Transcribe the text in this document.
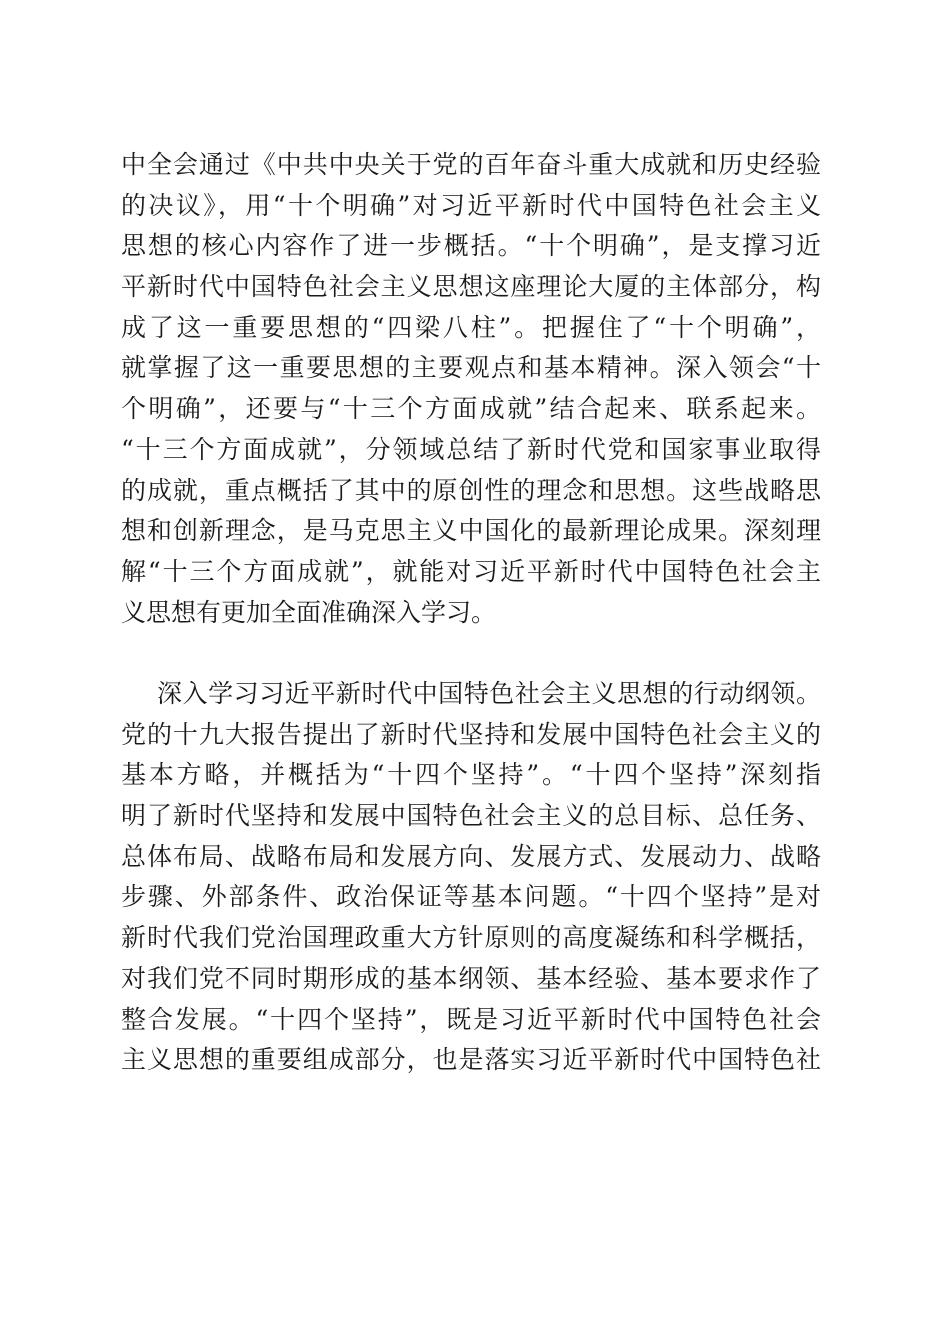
中全会通过《中共中央关于党的百年奋斗重大成就和历史经验
的决议》，用“十个明确”对习近平新时代中国特色社会主义
思想的核心内容作了进一步概括。“十个明确”，是支撑习近
平新时代中国特色社会主义思想这座理论大厦的主体部分，构
成了这一重要思想的“四梁八柱”。把握住了“十个明确”，
就掌握了这一重要思想的主要观点和基本精神。深入领会“十
个明确”，还要与“十三个方面成就”结合起来、联系起来。
“十三个方面成就”，分领域总结了新时代党和国家事业取得
的成就，重点概括了其中的原创性的理念和思想。这些战略思
想和创新理念，是马克思主义中国化的最新理论成果。深刻理
解“十三个方面成就”，就能对习近平新时代中国特色社会主
义思想有更加全面准确深入学习。
深入学习习近平新时代中国特色社会主义思想的行动纲领。
党的十九大报告提出了新时代坚持和发展中国特色社会主义的
基本方略，并概括为“十四个坚持”。“十四个坚持”深刻指
明了新时代坚持和发展中国特色社会主义的总目标、总任务、
总体布局、战略布局和发展方向、发展方式、发展动力、战略
步骤、外部条件、政治保证等基本问题。“十四个坚持”是对
新时代我们党治国理政重大方针原则的高度凝练和科学概括，
对我们党不同时期形成的基本纲领、基本经验、基本要求作了
整合发展。“十四个坚持”，既是习近平新时代中国特色社会
主义思想的重要组成部分，也是落实习近平新时代中国特色社
